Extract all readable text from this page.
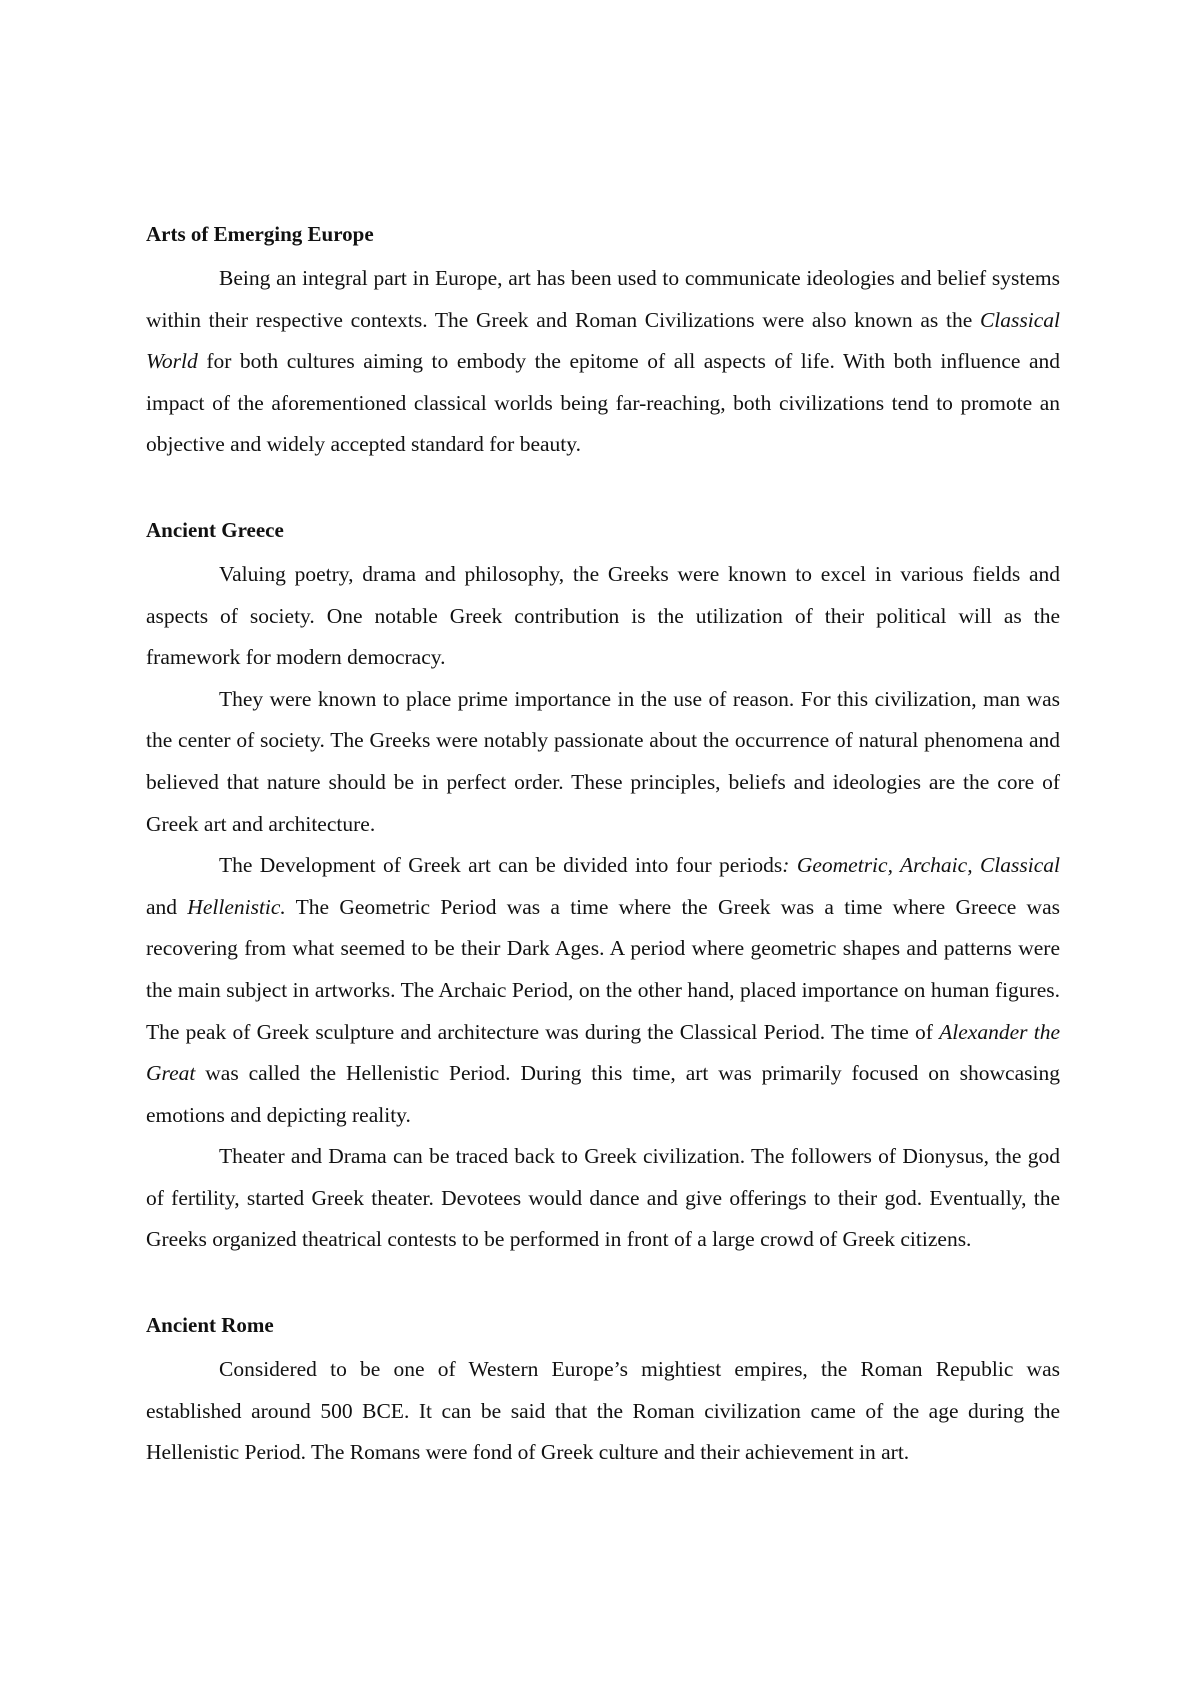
Arts of Emerging Europe

Being an integral part in Europe, art has been used to communicate ideologies and belief systems within their respective contexts. The Greek and Roman Civilizations were also known as the Classical World for both cultures aiming to embody the epitome of all aspects of life. With both influence and impact of the aforementioned classical worlds being far-reaching, both civilizations tend to promote an objective and widely accepted standard for beauty.

Ancient Greece

Valuing poetry, drama and philosophy, the Greeks were known to excel in various fields and aspects of society. One notable Greek contribution is the utilization of their political will as the framework for modern democracy.

They were known to place prime importance in the use of reason. For this civilization, man was the center of society. The Greeks were notably passionate about the occurrence of natural phenomena and believed that nature should be in perfect order. These principles, beliefs and ideologies are the core of Greek art and architecture.

The Development of Greek art can be divided into four periods: Geometric, Archaic, Classical and Hellenistic. The Geometric Period was a time where the Greek was a time where Greece was recovering from what seemed to be their Dark Ages. A period where geometric shapes and patterns were the main subject in artworks. The Archaic Period, on the other hand, placed importance on human figures. The peak of Greek sculpture and architecture was during the Classical Period. The time of Alexander the Great was called the Hellenistic Period. During this time, art was primarily focused on showcasing emotions and depicting reality.

Theater and Drama can be traced back to Greek civilization. The followers of Dionysus, the god of fertility, started Greek theater. Devotees would dance and give offerings to their god. Eventually, the Greeks organized theatrical contests to be performed in front of a large crowd of Greek citizens.

Ancient Rome

Considered to be one of Western Europe’s mightiest empires, the Roman Republic was established around 500 BCE. It can be said that the Roman civilization came of the age during the Hellenistic Period. The Romans were fond of Greek culture and their achievement in art.
